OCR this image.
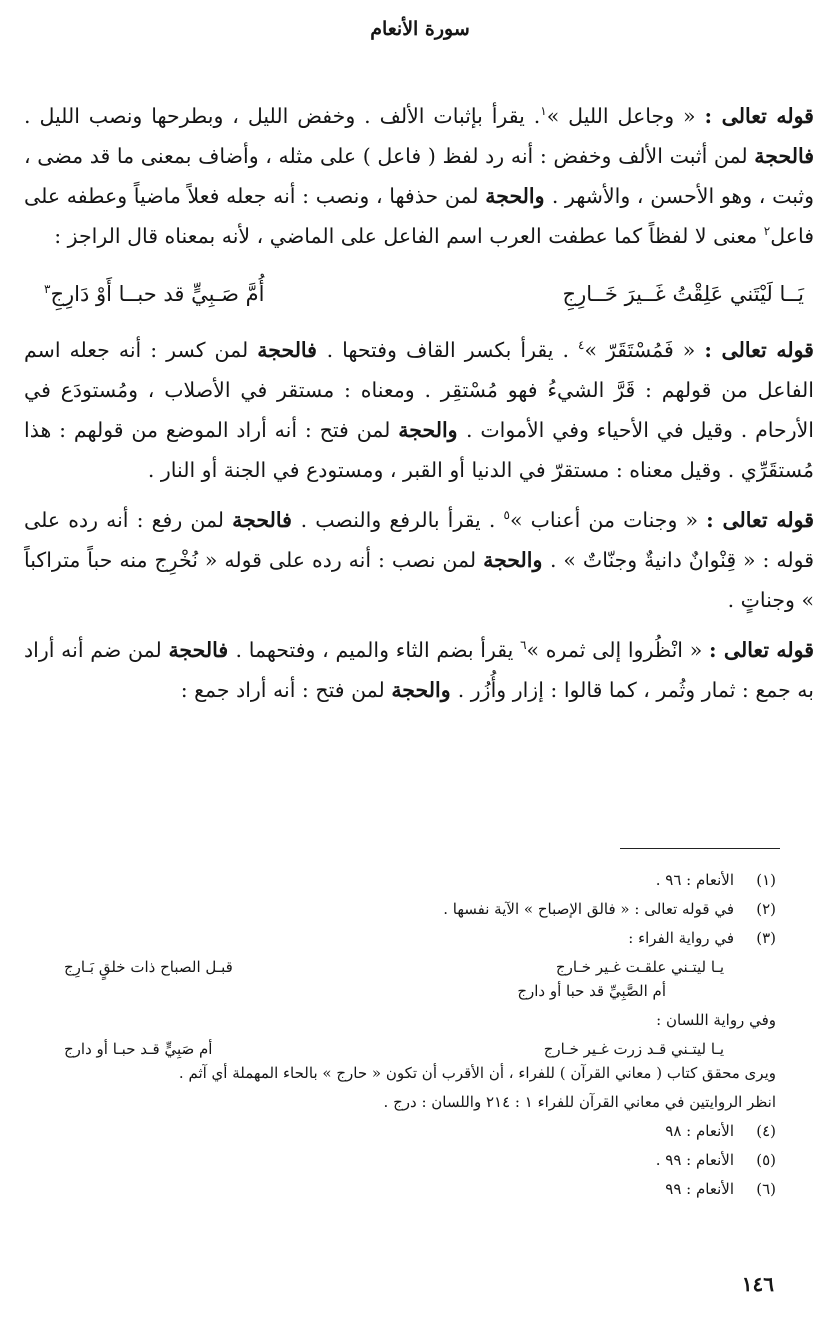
سورة الأنعام

قوله تعالى : « وجاعل الليل »$^١$. يقرأ بإثبات الألف . وخفض الليل ، وبطرحها ونصب الليل . فالحجة لمن أثبت الألف وخفض : أنه رد لفظ ( فاعل ) على مثله ، وأضاف بمعنى ما قد مضى ، وثبت ، وهو الأحسن ، والأشهر . والحجة لمن حذفها ، ونصب : أنه جعله فعلاً ماضياً وعطفه على فاعل$^٢$ معنى لا لفظاً كما عطفت العرب اسم الفاعل على الماضي ، لأنه بمعناه قال الراجز :

يَــا لَيْتَني عَلِقْتُ غَــيرَ خَــارِجِ
أُمَّ صَـبِيٍّ قد حبــا أَوْ دَارِجِ$^٣$

قوله تعالى : « فَمُسْتَقَرّ »$^٤$ . يقرأ بكسر القاف وفتحها . فالحجة لمن كسر : أنه جعله اسم الفاعل من قولهم : قَرَّ الشيءُ فهو مُسْتقِر . ومعناه : مستقر في الأصلاب ، ومُستودَع في الأرحام . وقيل في الأحياء وفي الأموات . والحجة لمن فتح : أنه أراد الموضع من قولهم : هذا مُستقَرِّي . وقيل معناه : مستقرّ في الدنيا أو القبر ، ومستودع في الجنة أو النار .

قوله تعالى : « وجنات من أعناب »$^٥$ . يقرأ بالرفع والنصب . فالحجة لمن رفع : أنه رده على قوله : « قِنْوانٌ دانيةٌ وجنّاتٌ » . والحجة لمن نصب : أنه رده على قوله « نُخْرِج منه حباً متراكباً » وجناتٍ .

قوله تعالى : « انْظُروا إلى ثمره »$^٦$ يقرأ بضم الثاء والميم ، وفتحهما . فالحجة لمن ضم أنه أراد به جمع : ثمار وثُمر ، كما قالوا : إزار وأُزُر . والحجة لمن فتح : أنه أراد جمع :

(١)
الأنعام : ٩٦ .
(٢)
في قوله تعالى : « فالق الإصباح » الآية نفسها .
(٣)
في رواية الفراء :
يـا ليتـني علقـت غـير خـارج
قبـل الصباح ذات خلقٍ بَـارِج
أم الصَّبِيِّ قد حبا أو دارج
وفي رواية اللسان :
يـا ليتـني قـد زرت غـير خـارج
أم صَبِيٍّ قـد حبـا أو دارج
ويرى محقق كتاب ( معاني القرآن ) للفراء ، أن الأقرب أن تكون « حارج » بالحاء المهملة أي آثم .
انظر الروايتين في معاني القرآن للفراء ١ : ٢١٤ واللسان : درج .
(٤)
الأنعام : ٩٨
(٥)
الأنعام : ٩٩ .
(٦)
الأنعام : ٩٩
١٤٦
